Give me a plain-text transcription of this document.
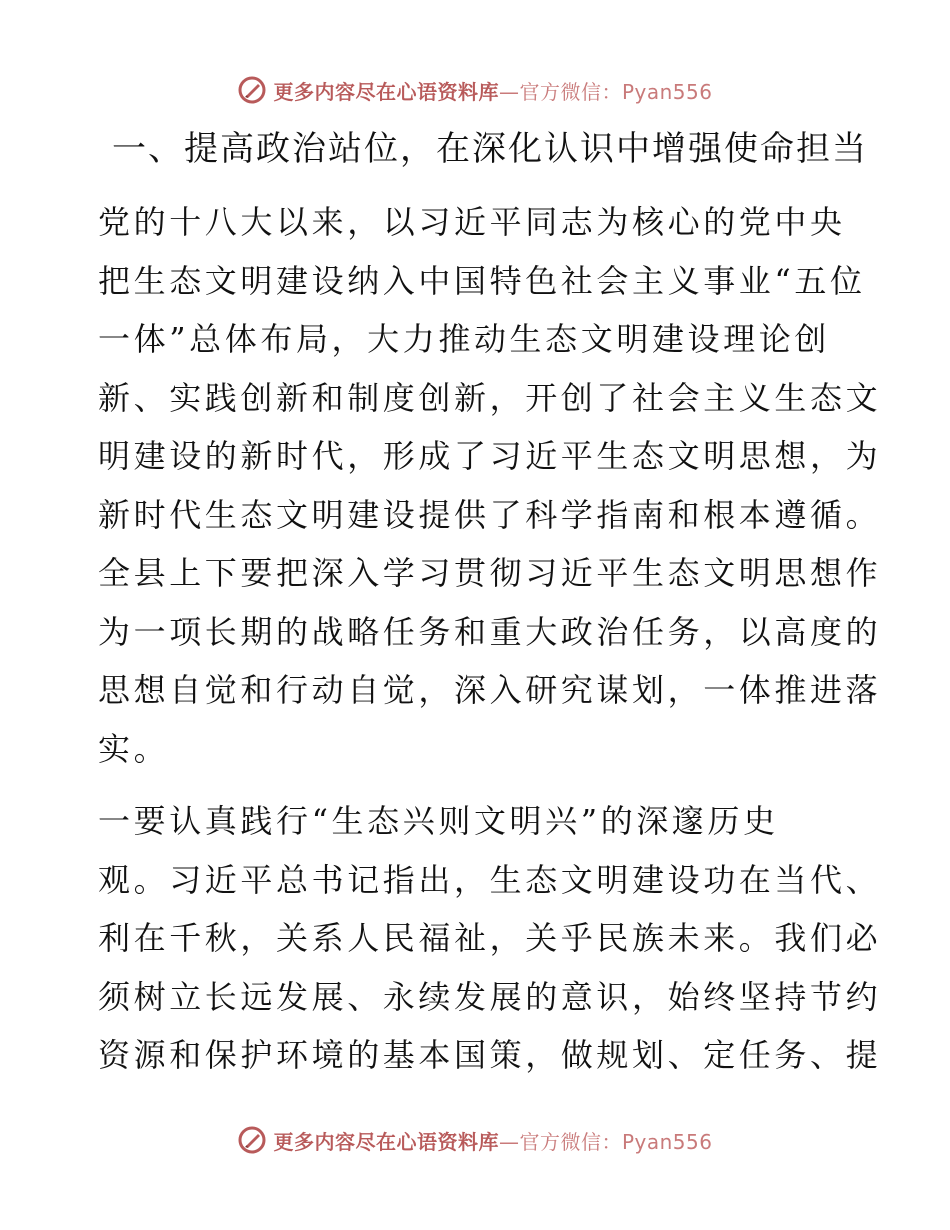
更多内容尽在心语资料库 —官方微信：Pyan556
一、提高政治站位，在深化认识中增强使命担当
党的十八大以来，以习近平同志为核心的党中央
把生态文明建设纳入中国特色社会主义事业“五位
一体”总体布局，大力推动生态文明建设理论创
新、实践创新和制度创新，开创了社会主义生态文
明建设的新时代，形成了习近平生态文明思想，为
新时代生态文明建设提供了科学指南和根本遵循。
全县上下要把深入学习贯彻习近平生态文明思想作
为一项长期的战略任务和重大政治任务，以高度的
思想自觉和行动自觉，深入研究谋划，一体推进落
实。
一要认真践行“生态兴则文明兴”的深邃历史
观。习近平总书记指出，生态文明建设功在当代、
利在千秋，关系人民福祉，关乎民族未来。我们必
须树立长远发展、永续发展的意识，始终坚持节约
资源和保护环境的基本国策，做规划、定任务、提
更多内容尽在心语资料库 —官方微信：Pyan556
